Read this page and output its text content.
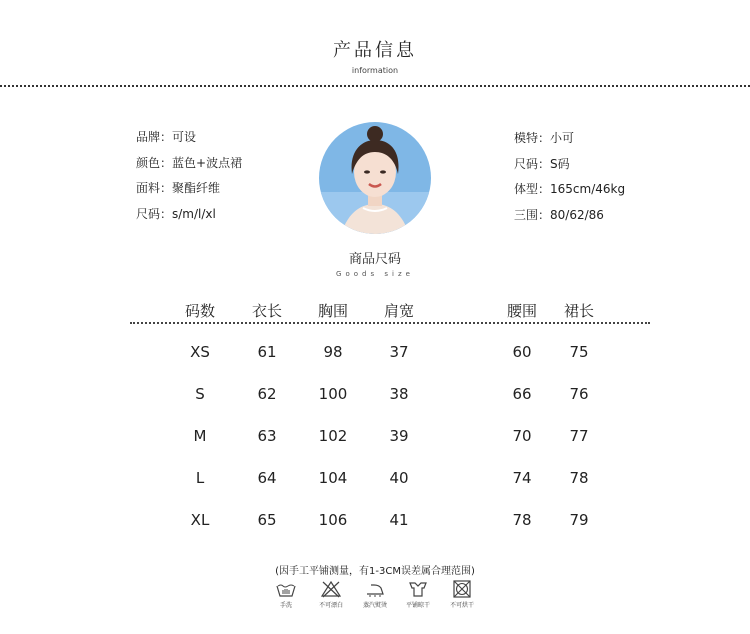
产品信息
information
品牌：可设
颜色：蓝色+波点裙
面料：聚酯纤维
尺码：s/m/l/xl
模特：小可
尺码：S码
体型：165cm/46kg
三围：80/62/86
商品尺码
Goods size
码数	衣长	胸围	肩宽	腰围	裙长
XS	61	98	37	60	75
S	62	100	38	66	76
M	63	102	39	70	77
L	64	104	40	74	78
XL	65	106	41	78	79
(因手工平铺测量，有1-3CM误差属合理范围)
手洗	不可漂白	蒸汽熨烫	平铺晾干	不可烘干
